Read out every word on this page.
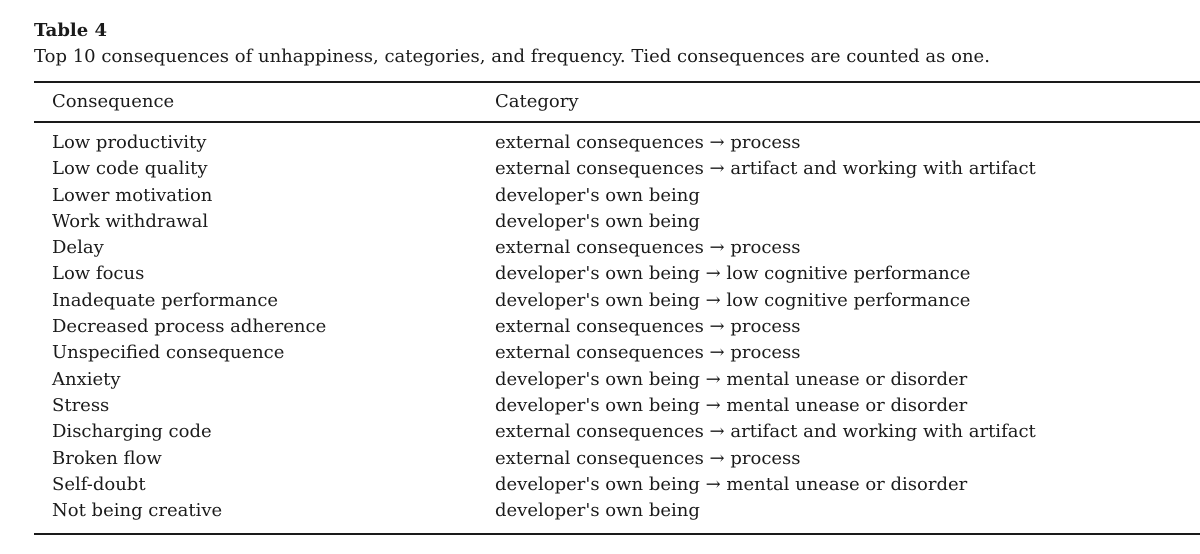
Table 4
Top 10 consequences of unhappiness, categories, and frequency. Tied consequences are counted as one.
Consequence	Category
Low productivity	external consequences → process
Low code quality	external consequences → artifact and working with artifact
Lower motivation	developer's own being
Work withdrawal	developer's own being
Delay	external consequences → process
Low focus	developer's own being → low cognitive performance
Inadequate performance	developer's own being → low cognitive performance
Decreased process adherence	external consequences → process
Unspecified consequence	external consequences → process
Anxiety	developer's own being → mental unease or disorder
Stress	developer's own being → mental unease or disorder
Discharging code	external consequences → artifact and working with artifact
Broken flow	external consequences → process
Self-doubt	developer's own being → mental unease or disorder
Not being creative	developer's own being
